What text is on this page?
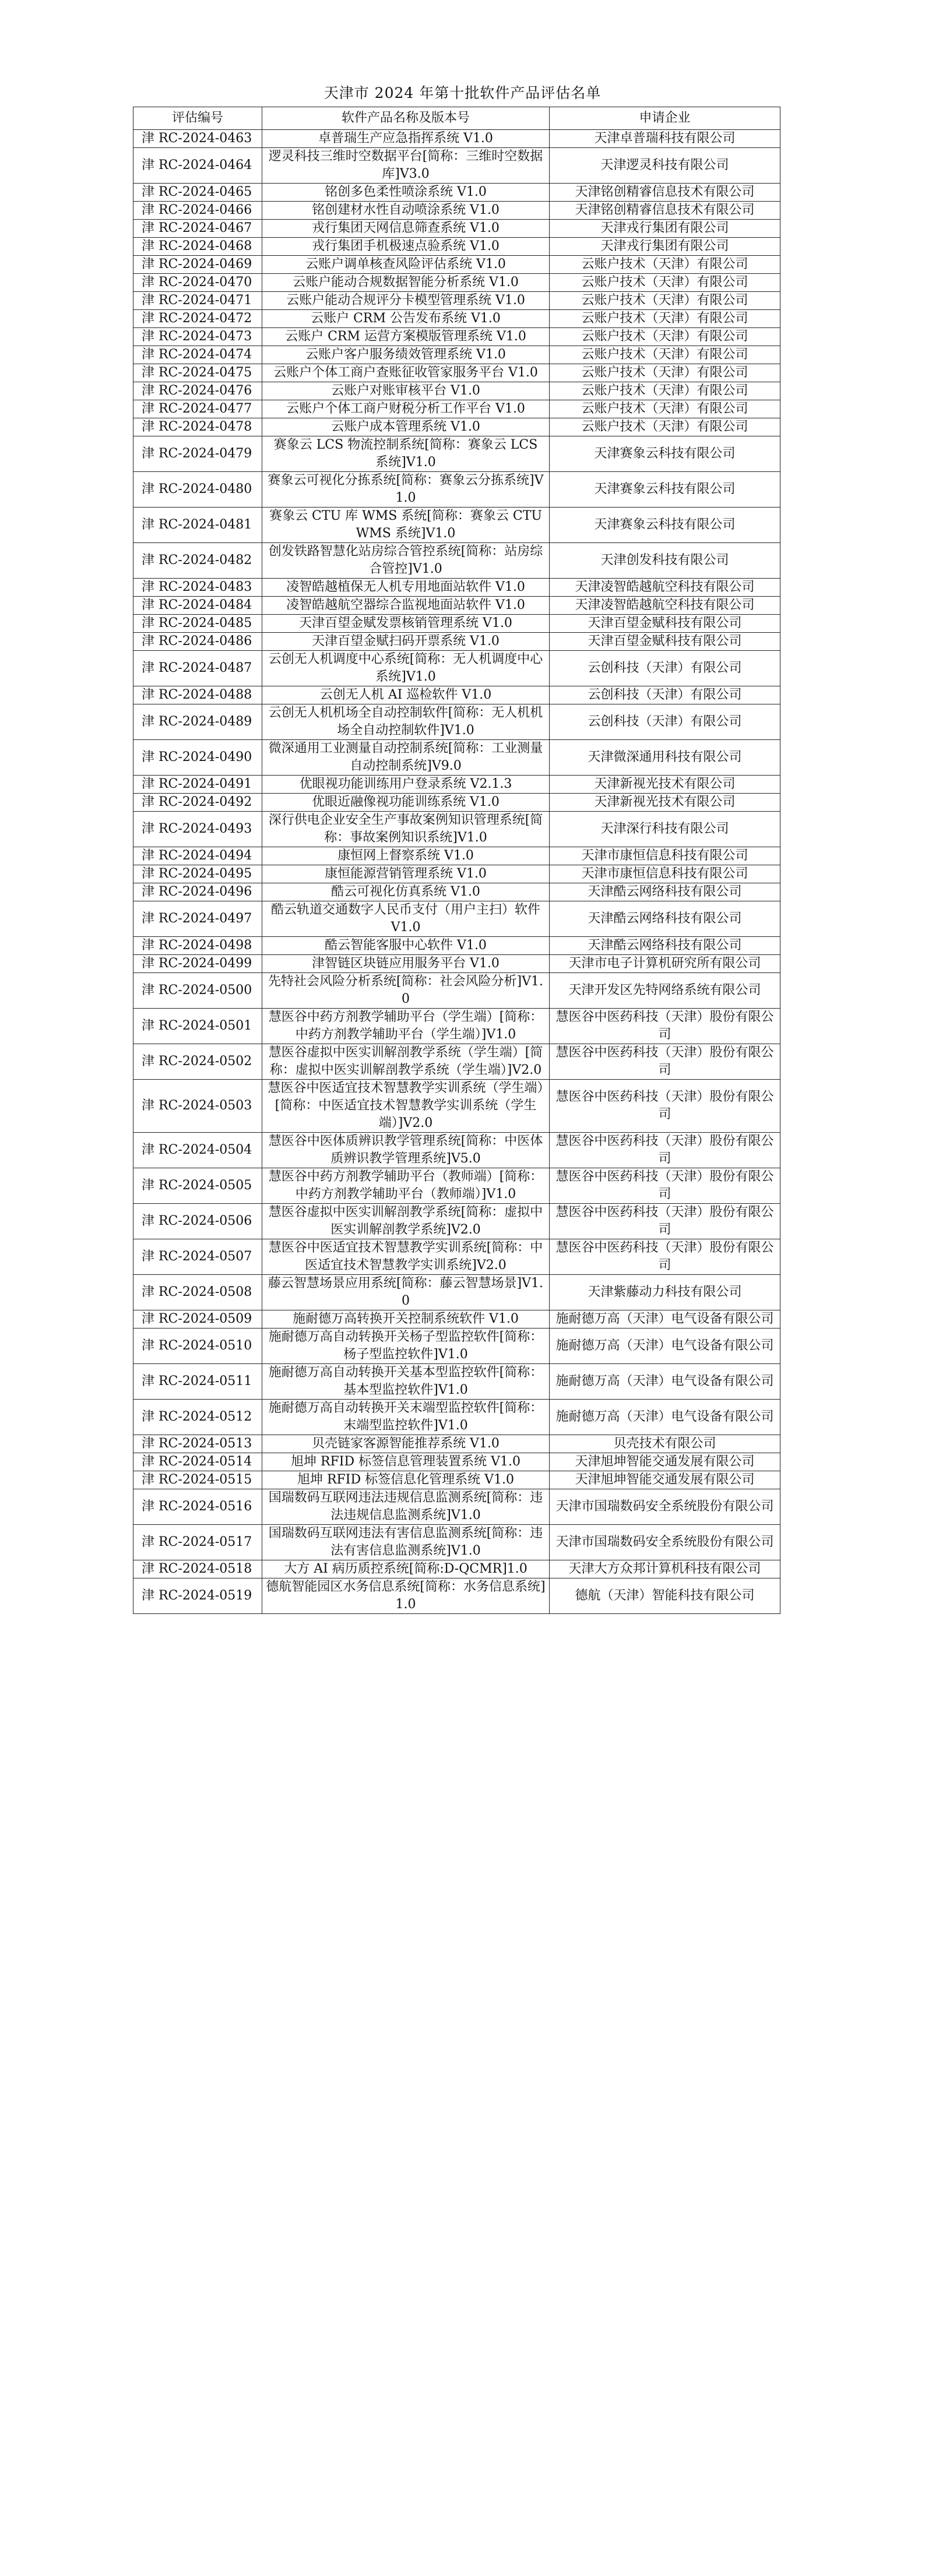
天津市 2024 年第十批软件产品评估名单
评估编号	软件产品名称及版本号	申请企业
津 RC-2024-0463	卓普瑞生产应急指挥系统 V1.0	天津卓普瑞科技有限公司
津 RC-2024-0464	逻灵科技三维时空数据平台[简称：三维时空数据库]V3.0	天津逻灵科技有限公司
津 RC-2024-0465	铭创多色柔性喷涂系统 V1.0	天津铭创精睿信息技术有限公司
津 RC-2024-0466	铭创建材水性自动喷涂系统 V1.0	天津铭创精睿信息技术有限公司
津 RC-2024-0467	戎行集团天网信息筛查系统 V1.0	天津戎行集团有限公司
津 RC-2024-0468	戎行集团手机极速点验系统 V1.0	天津戎行集团有限公司
津 RC-2024-0469	云账户调单核查风险评估系统 V1.0	云账户技术（天津）有限公司
津 RC-2024-0470	云账户能动合规数据智能分析系统 V1.0	云账户技术（天津）有限公司
津 RC-2024-0471	云账户能动合规评分卡模型管理系统 V1.0	云账户技术（天津）有限公司
津 RC-2024-0472	云账户 CRM 公告发布系统 V1.0	云账户技术（天津）有限公司
津 RC-2024-0473	云账户 CRM 运营方案模版管理系统 V1.0	云账户技术（天津）有限公司
津 RC-2024-0474	云账户客户服务绩效管理系统 V1.0	云账户技术（天津）有限公司
津 RC-2024-0475	云账户个体工商户查账征收管家服务平台 V1.0	云账户技术（天津）有限公司
津 RC-2024-0476	云账户对账审核平台 V1.0	云账户技术（天津）有限公司
津 RC-2024-0477	云账户个体工商户财税分析工作平台 V1.0	云账户技术（天津）有限公司
津 RC-2024-0478	云账户成本管理系统 V1.0	云账户技术（天津）有限公司
津 RC-2024-0479	赛象云 LCS 物流控制系统[简称：赛象云 LCS 系统]V1.0	天津赛象云科技有限公司
津 RC-2024-0480	赛象云可视化分拣系统[简称：赛象云分拣系统]V1.0	天津赛象云科技有限公司
津 RC-2024-0481	赛象云 CTU 库 WMS 系统[简称：赛象云 CTUWMS 系统]V1.0	天津赛象云科技有限公司
津 RC-2024-0482	创发铁路智慧化站房综合管控系统[简称：站房综合管控]V1.0	天津创发科技有限公司
津 RC-2024-0483	凌智皓越植保无人机专用地面站软件 V1.0	天津凌智皓越航空科技有限公司
津 RC-2024-0484	凌智皓越航空器综合监视地面站软件 V1.0	天津凌智皓越航空科技有限公司
津 RC-2024-0485	天津百望金赋发票核销管理系统 V1.0	天津百望金赋科技有限公司
津 RC-2024-0486	天津百望金赋扫码开票系统 V1.0	天津百望金赋科技有限公司
津 RC-2024-0487	云创无人机调度中心系统[简称：无人机调度中心系统]V1.0	云创科技（天津）有限公司
津 RC-2024-0488	云创无人机 AI 巡检软件 V1.0	云创科技（天津）有限公司
津 RC-2024-0489	云创无人机机场全自动控制软件[简称：无人机机场全自动控制软件]V1.0	云创科技（天津）有限公司
津 RC-2024-0490	微深通用工业测量自动控制系统[简称：工业测量自动控制系统]V9.0	天津微深通用科技有限公司
津 RC-2024-0491	优眼视功能训练用户登录系统 V2.1.3	天津新视光技术有限公司
津 RC-2024-0492	优眼近融像视功能训练系统 V1.0	天津新视光技术有限公司
津 RC-2024-0493	深行供电企业安全生产事故案例知识管理系统[简称：事故案例知识系统]V1.0	天津深行科技有限公司
津 RC-2024-0494	康恒网上督察系统 V1.0	天津市康恒信息科技有限公司
津 RC-2024-0495	康恒能源营销管理系统 V1.0	天津市康恒信息科技有限公司
津 RC-2024-0496	酷云可视化仿真系统 V1.0	天津酷云网络科技有限公司
津 RC-2024-0497	酷云轨道交通数字人民币支付（用户主扫）软件 V1.0	天津酷云网络科技有限公司
津 RC-2024-0498	酷云智能客服中心软件 V1.0	天津酷云网络科技有限公司
津 RC-2024-0499	津智链区块链应用服务平台 V1.0	天津市电子计算机研究所有限公司
津 RC-2024-0500	先特社会风险分析系统[简称：社会风险分析]V1.0	天津开发区先特网络系统有限公司
津 RC-2024-0501	慧医谷中药方剂教学辅助平台（学生端）[简称：中药方剂教学辅助平台（学生端）]V1.0	慧医谷中医药科技（天津）股份有限公司
津 RC-2024-0502	慧医谷虚拟中医实训解剖教学系统（学生端）[简称：虚拟中医实训解剖教学系统（学生端）]V2.0	慧医谷中医药科技（天津）股份有限公司
津 RC-2024-0503	慧医谷中医适宜技术智慧教学实训系统（学生端）[简称：中医适宜技术智慧教学实训系统（学生端）]V2.0	慧医谷中医药科技（天津）股份有限公司
津 RC-2024-0504	慧医谷中医体质辨识教学管理系统[简称：中医体质辨识教学管理系统]V5.0	慧医谷中医药科技（天津）股份有限公司
津 RC-2024-0505	慧医谷中药方剂教学辅助平台（教师端）[简称：中药方剂教学辅助平台（教师端）]V1.0	慧医谷中医药科技（天津）股份有限公司
津 RC-2024-0506	慧医谷虚拟中医实训解剖教学系统[简称：虚拟中医实训解剖教学系统]V2.0	慧医谷中医药科技（天津）股份有限公司
津 RC-2024-0507	慧医谷中医适宜技术智慧教学实训系统[简称：中医适宜技术智慧教学实训系统]V2.0	慧医谷中医药科技（天津）股份有限公司
津 RC-2024-0508	藤云智慧场景应用系统[简称：藤云智慧场景]V1.0	天津紫藤动力科技有限公司
津 RC-2024-0509	施耐德万高转换开关控制系统软件 V1.0	施耐德万高（天津）电气设备有限公司
津 RC-2024-0510	施耐德万高自动转换开关杨子型监控软件[简称：杨子型监控软件]V1.0	施耐德万高（天津）电气设备有限公司
津 RC-2024-0511	施耐德万高自动转换开关基本型监控软件[简称：基本型监控软件]V1.0	施耐德万高（天津）电气设备有限公司
津 RC-2024-0512	施耐德万高自动转换开关末端型监控软件[简称：末端型监控软件]V1.0	施耐德万高（天津）电气设备有限公司
津 RC-2024-0513	贝壳链家客源智能推荐系统 V1.0	贝壳技术有限公司
津 RC-2024-0514	旭坤 RFID 标签信息管理装置系统 V1.0	天津旭坤智能交通发展有限公司
津 RC-2024-0515	旭坤 RFID 标签信息化管理系统 V1.0	天津旭坤智能交通发展有限公司
津 RC-2024-0516	国瑞数码互联网违法违规信息监测系统[简称：违法违规信息监测系统]V1.0	天津市国瑞数码安全系统股份有限公司
津 RC-2024-0517	国瑞数码互联网违法有害信息监测系统[简称：违法有害信息监测系统]V1.0	天津市国瑞数码安全系统股份有限公司
津 RC-2024-0518	大方 AI 病历质控系统[简称:D-QCMR]1.0	天津大方众邦计算机科技有限公司
津 RC-2024-0519	德航智能园区水务信息系统[简称：水务信息系统]1.0	德航（天津）智能科技有限公司
